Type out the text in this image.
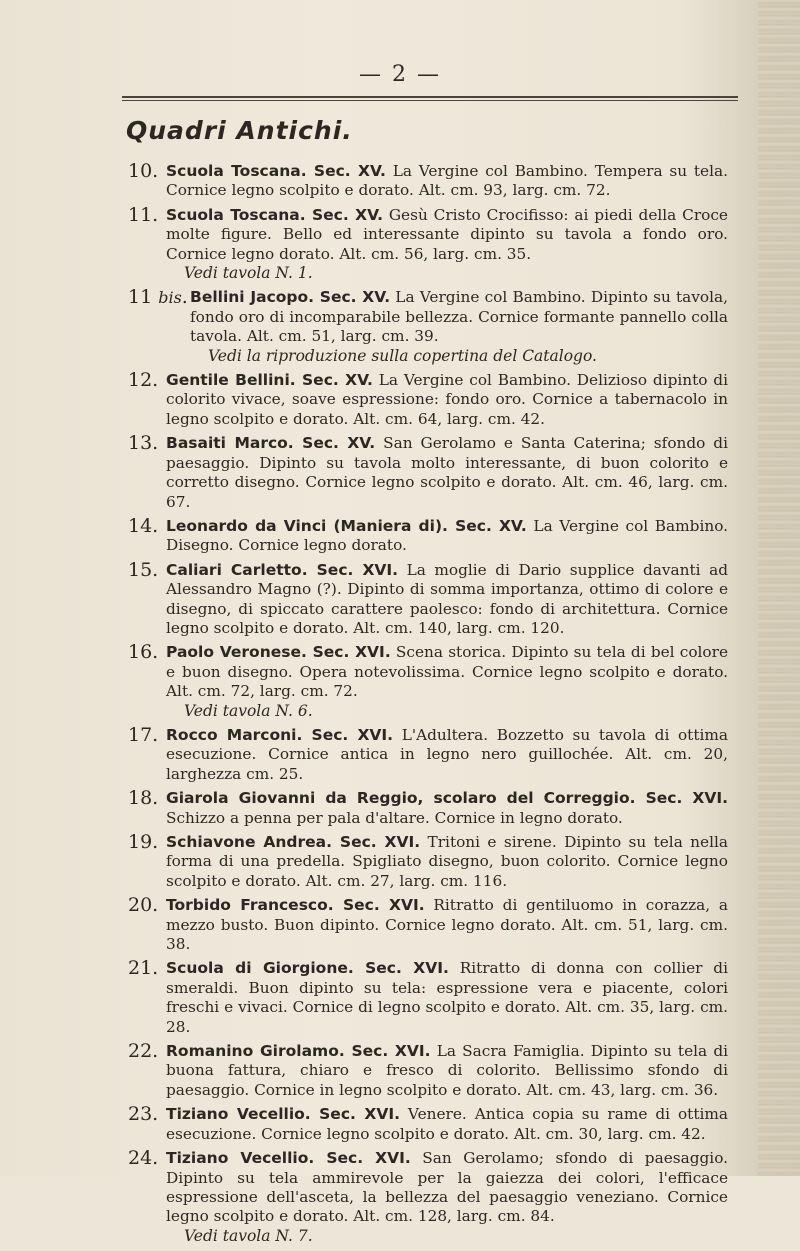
— 2 —
Quadri Antichi.
10. Scuola Toscana. Sec. XV. La Vergine col Bambino. Tempera su tela. Cornice legno scolpito e dorato. Alt. cm. 93, larg. cm. 72.
11. Scuola Toscana. Sec. XV. Gesù Cristo Crocifisso: ai piedi della Croce molte figure. Bello ed interessante dipinto su tavola a fondo oro. Cornice legno dorato. Alt. cm. 56, larg. cm. 35.
Vedi tavola N. 1.
11 bis. Bellini Jacopo. Sec. XV. La Vergine col Bambino. Dipinto su tavola, fondo oro di incomparabile bellezza. Cornice formante pannello colla tavola. Alt. cm. 51, larg. cm. 39.
Vedi la riproduzione sulla copertina del Catalogo.
12. Gentile Bellini. Sec. XV. La Vergine col Bambino. Delizioso dipinto di colorito vivace, soave espressione: fondo oro. Cornice a tabernacolo in legno scolpito e dorato. Alt. cm. 64, larg. cm. 42.
13. Basaiti Marco. Sec. XV. San Gerolamo e Santa Caterina; sfondo di paesaggio. Dipinto su tavola molto interessante, di buon colorito e corretto disegno. Cornice legno scolpito e dorato. Alt. cm. 46, larg. cm. 67.
14. Leonardo da Vinci (Maniera di). Sec. XV. La Vergine col Bambino. Disegno. Cornice legno dorato.
15. Caliari Carletto. Sec. XVI. La moglie di Dario supplice davanti ad Alessandro Magno (?). Dipinto di somma importanza, ottimo di colore e disegno, di spiccato carattere paolesco: fondo di architettura. Cornice legno scolpito e dorato. Alt. cm. 140, larg. cm. 120.
16. Paolo Veronese. Sec. XVI. Scena storica. Dipinto su tela di bel colore e buon disegno. Opera notevolissima. Cornice legno scolpito e dorato. Alt. cm. 72, larg. cm. 72.
Vedi tavola N. 6.
17. Rocco Marconi. Sec. XVI. L'Adultera. Bozzetto su tavola di ottima esecuzione. Cornice antica in legno nero guillochée. Alt. cm. 20, larghezza cm. 25.
18. Giarola Giovanni da Reggio, scolaro del Correggio. Sec. XVI. Schizzo a penna per pala d'altare. Cornice in legno dorato.
19. Schiavone Andrea. Sec. XVI. Tritoni e sirene. Dipinto su tela nella forma di una predella. Spigliato disegno, buon colorito. Cornice legno scolpito e dorato. Alt. cm. 27, larg. cm. 116.
20. Torbido Francesco. Sec. XVI. Ritratto di gentiluomo in corazza, a mezzo busto. Buon dipinto. Cornice legno dorato. Alt. cm. 51, larg. cm. 38.
21. Scuola di Giorgione. Sec. XVI. Ritratto di donna con collier di smeraldi. Buon dipinto su tela: espressione vera e piacente, colori freschi e vivaci. Cornice di legno scolpito e dorato. Alt. cm. 35, larg. cm. 28.
22. Romanino Girolamo. Sec. XVI. La Sacra Famiglia. Dipinto su tela di buona fattura, chiaro e fresco di colorito. Bellissimo sfondo di paesaggio. Cornice in legno scolpito e dorato. Alt. cm. 43, larg. cm. 36.
23. Tiziano Vecellio. Sec. XVI. Venere. Antica copia su rame di ottima esecuzione. Cornice legno scolpito e dorato. Alt. cm. 30, larg. cm. 42.
24. Tiziano Vecellio. Sec. XVI. San Gerolamo; sfondo di paesaggio. Dipinto su tela ammirevole per la gaiezza dei colori, l'efficace espressione dell'asceta, la bellezza del paesaggio veneziano. Cornice legno scolpito e dorato. Alt. cm. 128, larg. cm. 84.
Vedi tavola N. 7.
